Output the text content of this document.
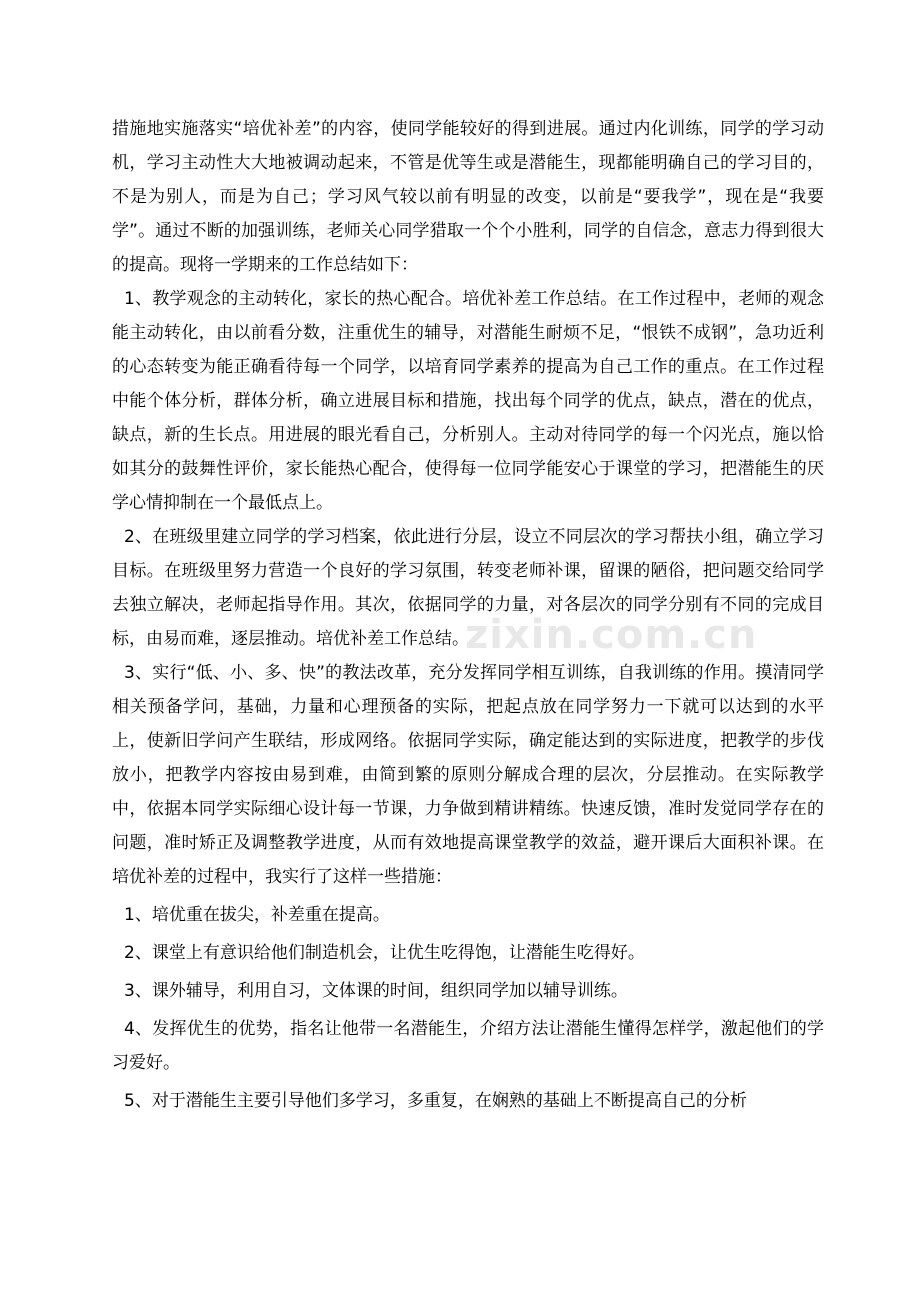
措施地实施落实“培优补差”的内容，使同学能较好的得到进展。通过内化训练，同学的学习动机，学习主动性大大地被调动起来，不管是优等生或是潜能生，现都能明确自己的学习目的，不是为别人，而是为自己；学习风气较以前有明显的改变，以前是“要我学”，现在是“我要学”。通过不断的加强训练，老师关心同学猎取一个个小胜利，同学的自信念，意志力得到很大的提高。现将一学期来的工作总结如下：

1、教学观念的主动转化，家长的热心配合。培优补差工作总结。在工作过程中，老师的观念能主动转化，由以前看分数，注重优生的辅导，对潜能生耐烦不足，“恨铁不成钢”，急功近利的心态转变为能正确看待每一个同学，以培育同学素养的提高为自己工作的重点。在工作过程中能个体分析，群体分析，确立进展目标和措施，找出每个同学的优点，缺点，潜在的优点，缺点，新的生长点。用进展的眼光看自己，分析别人。主动对待同学的每一个闪光点，施以恰如其分的鼓舞性评价，家长能热心配合，使得每一位同学能安心于课堂的学习，把潜能生的厌学心情抑制在一个最低点上。

2、在班级里建立同学的学习档案，依此进行分层，设立不同层次的学习帮扶小组，确立学习目标。在班级里努力营造一个良好的学习氛围，转变老师补课，留课的陋俗，把问题交给同学去独立解决，老师起指导作用。其次，依据同学的力量，对各层次的同学分别有不同的完成目标，由易而难，逐层推动。培优补差工作总结。

3、实行“低、小、多、快”的教法改革，充分发挥同学相互训练，自我训练的作用。摸清同学相关预备学问，基础，力量和心理预备的实际，把起点放在同学努力一下就可以达到的水平上，使新旧学问产生联结，形成网络。依据同学实际，确定能达到的实际进度，把教学的步伐放小，把教学内容按由易到难，由简到繁的原则分解成合理的层次，分层推动。在实际教学中，依据本同学实际细心设计每一节课，力争做到精讲精练。快速反馈，准时发觉同学存在的问题，准时矫正及调整教学进度，从而有效地提高课堂教学的效益，避开课后大面积补课。在培优补差的过程中，我实行了这样一些措施：

1、培优重在拔尖，补差重在提高。

2、课堂上有意识给他们制造机会，让优生吃得饱，让潜能生吃得好。

3、课外辅导，利用自习，文体课的时间，组织同学加以辅导训练。

4、发挥优生的优势，指名让他带一名潜能生，介绍方法让潜能生懂得怎样学，激起他们的学习爱好。

5、对于潜能生主要引导他们多学习，多重复，在娴熟的基础上不断提高自己的分析

zixin.com.cn
